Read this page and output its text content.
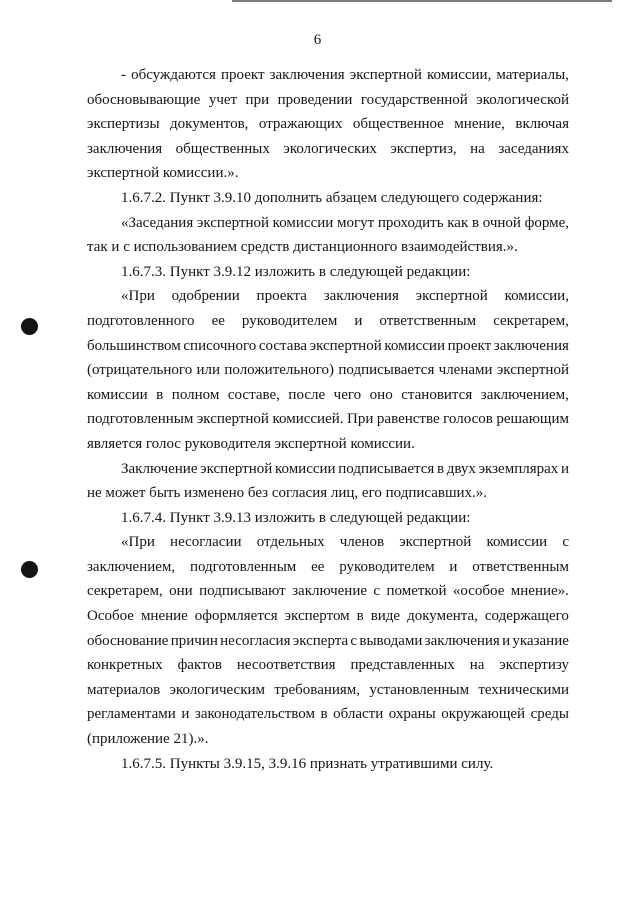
6
- обсуждаются проект заключения экспертной комиссии, материалы,
обосновывающие учет при проведении государственной экологической
экспертизы документов, отражающих общественное мнение, включая
заключения общественных экологических экспертиз, на заседаниях
экспертной комиссии.».
1.6.7.2. Пункт 3.9.10 дополнить абзацем следующего содержания:
«Заседания экспертной комиссии могут проходить как в очной форме,
так и с использованием средств дистанционного взаимодействия.».
1.6.7.3. Пункт 3.9.12 изложить в следующей редакции:
«При одобрении проекта заключения экспертной комиссии,
подготовленного ее руководителем и ответственным секретарем,
большинством списочного состава экспертной комиссии проект заключения
(отрицательного или положительного) подписывается членами экспертной
комиссии в полном составе, после чего оно становится заключением,
подготовленным экспертной комиссией. При равенстве голосов решающим
является голос руководителя экспертной комиссии.
Заключение экспертной комиссии подписывается в двух экземплярах и
не может быть изменено без согласия лиц, его подписавших.».
1.6.7.4. Пункт 3.9.13 изложить в следующей редакции:
«При несогласии отдельных членов экспертной комиссии с
заключением, подготовленным ее руководителем и ответственным
секретарем, они подписывают заключение с пометкой «особое мнение».
Особое мнение оформляется экспертом в виде документа, содержащего
обоснование причин несогласия эксперта с выводами заключения и указание
конкретных фактов несоответствия представленных на экспертизу
материалов экологическим требованиям, установленным техническими
регламентами и законодательством в области охраны окружающей среды
(приложение 21).».
1.6.7.5. Пункты 3.9.15, 3.9.16 признать утратившими силу.
